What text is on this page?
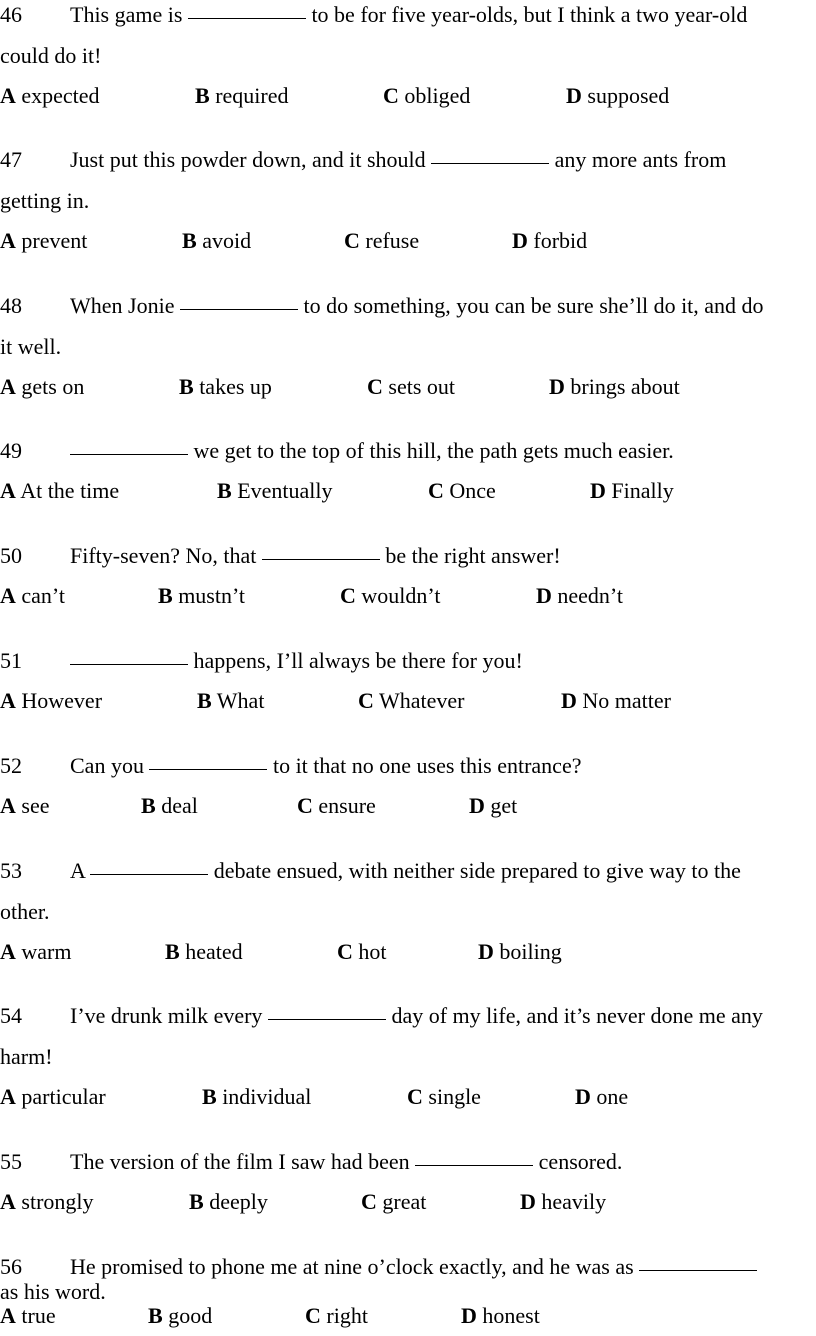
46	This game is	to be for five year-olds, but I think a two year-old
could do it!
A expected	B required	C obliged	D supposed
47	Just put this powder down, and it should	any more ants from
getting in.
A prevent	B avoid	C refuse	D forbid
48	When Jonie	to do something, you can be sure she’ll do it, and do
it well.
A gets on	B takes up	C sets out	D brings about
49	we get to the top of this hill, the path gets much easier.
A At the time	B Eventually	C Once	D Finally
50	Fifty-seven? No, that	be the right answer!
A can’t	B mustn’t	C wouldn’t	D needn’t
51	happens, I’ll always be there for you!
A However	B What	C Whatever	D No matter
52	Can you	to it that no one uses this entrance?
A see	B deal	C ensure	D get
53	A	debate ensued, with neither side prepared to give way to the
other.
A warm	B heated	C hot	D boiling
54	I’ve drunk milk every	day of my life, and it’s never done me any
harm!
A particular	B individual	C single	D one
55	The version of the film I saw had been	censored.
A strongly	B deeply	C great	D heavily
56	He promised to phone me at nine o’clock exactly, and he was as
as his word.
A true	B good	C right	D honest
